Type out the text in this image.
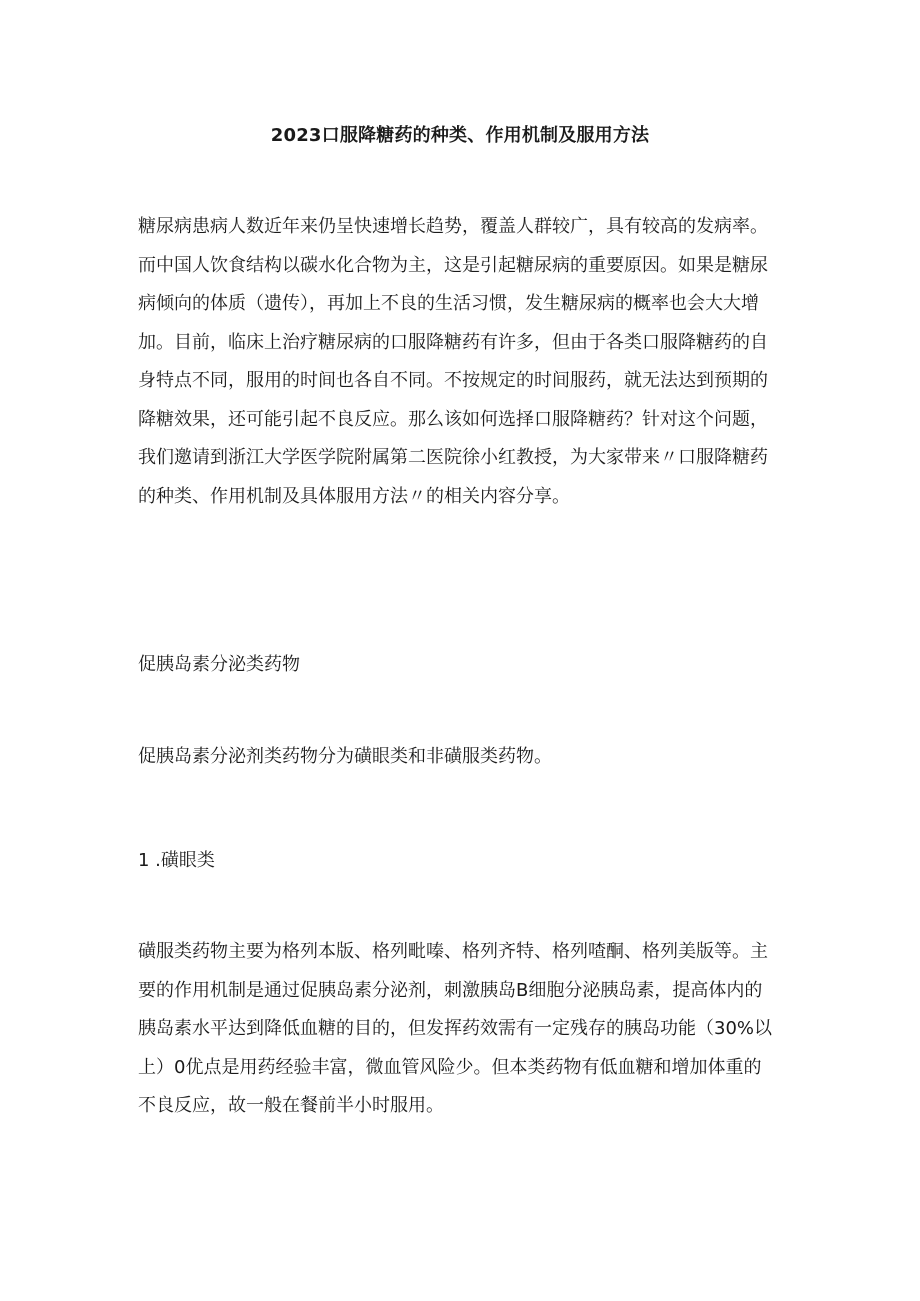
2023口服降糖药的种类、作用机制及服用方法
糖尿病患病人数近年来仍呈快速增长趋势，覆盖人群较广，具有较高的发病率。
而中国人饮食结构以碳水化合物为主，这是引起糖尿病的重要原因。如果是糖尿
病倾向的体质（遗传），再加上不良的生活习惯，发生糖尿病的概率也会大大增
加。目前，临床上治疗糖尿病的口服降糖药有许多，但由于各类口服降糖药的自
身特点不同，服用的时间也各自不同。不按规定的时间服药，就无法达到预期的
降糖效果，还可能引起不良反应。那么该如何选择口服降糖药？针对这个问题，
我们邀请到浙江大学医学院附属第二医院徐小红教授，为大家带来〃口服降糖药
的种类、作用机制及具体服用方法〃的相关内容分享。
促胰岛素分泌类药物
促胰岛素分泌剂类药物分为磺眼类和非磺服类药物。
1 .磺眼类
磺服类药物主要为格列本版、格列毗嗪、格列齐特、格列喳酮、格列美版等。主
要的作用机制是通过促胰岛素分泌剂，刺激胰岛B细胞分泌胰岛素，提高体内的
胰岛素水平达到降低血糖的目的，但发挥药效需有一定残存的胰岛功能（30%以
上）0优点是用药经验丰富，微血管风险少。但本类药物有低血糖和增加体重的
不良反应，故一般在餐前半小时服用。
